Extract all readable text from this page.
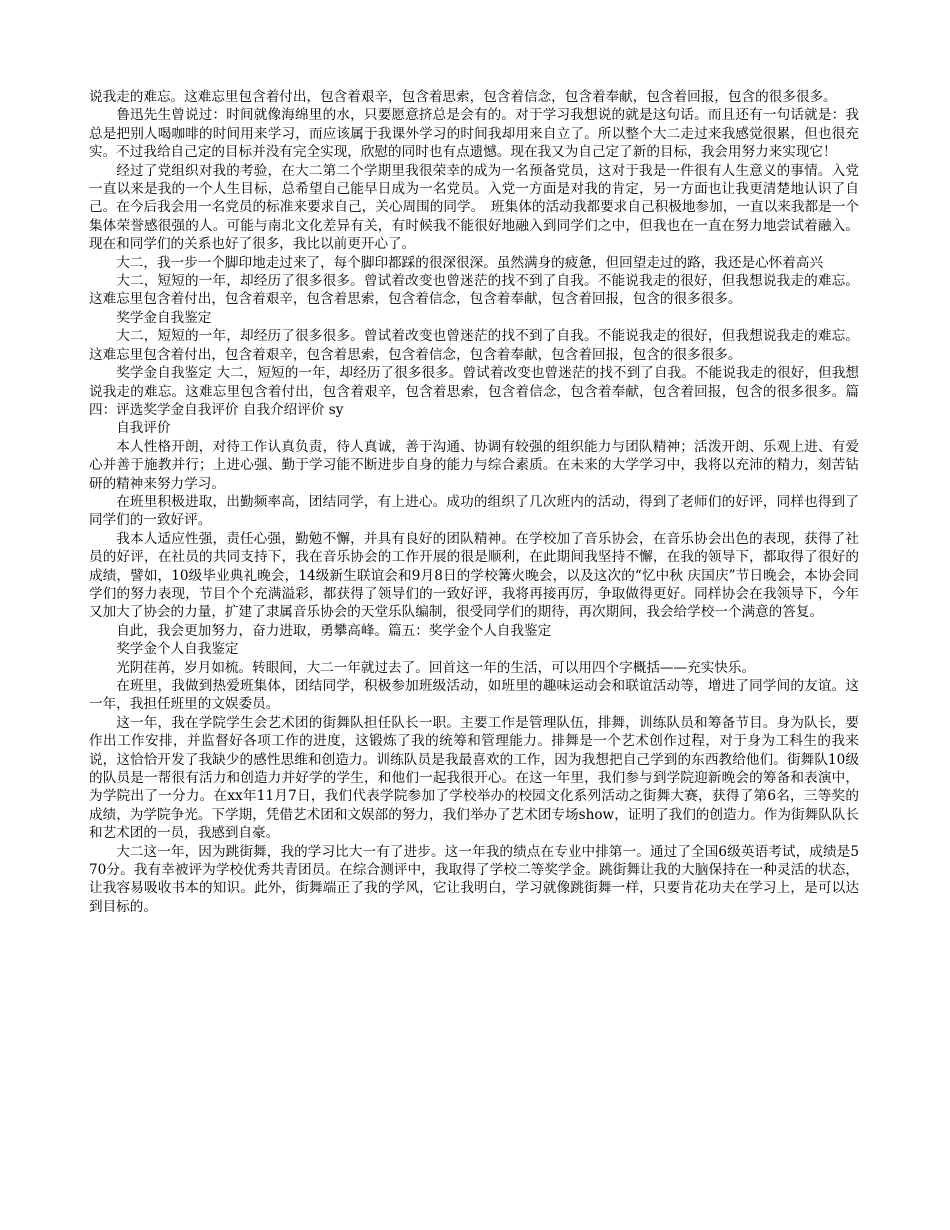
说我走的难忘。这难忘里包含着付出，包含着艰辛，包含着思索，包含着信念，包含着奉献，包含着回报，包含的很多很多。

鲁迅先生曾说过：时间就像海绵里的水，只要愿意挤总是会有的。对于学习我想说的就是这句话。而且还有一句话就是：我总是把别人喝咖啡的时间用来学习，而应该属于我课外学习的时间我却用来自立了。所以整个大二走过来我感觉很累，但也很充实。不过我给自己定的目标并没有完全实现，欣慰的同时也有点遗憾。现在我又为自己定了新的目标，我会用努力来实现它！

经过了党组织对我的考验，在大二第二个学期里我很荣幸的成为一名预备党员，这对于我是一件很有人生意义的事情。入党一直以来是我的一个人生目标，总希望自己能早日成为一名党员。入党一方面是对我的肯定，另一方面也让我更清楚地认识了自己。在今后我会用一名党员的标准来要求自己，关心周围的同学。　班集体的活动我都要求自己积极地参加，一直以来我都是一个集体荣誉感很强的人。可能与南北文化差异有关，有时候我不能很好地融入到同学们之中，但我也在一直在努力地尝试着融入。现在和同学们的关系也好了很多，我比以前更开心了。

大二，我一步一个脚印地走过来了，每个脚印都踩的很深很深。虽然满身的疲惫，但回望走过的路，我还是心怀着高兴

大二，短短的一年，却经历了很多很多。曾试着改变也曾迷茫的找不到了自我。不能说我走的很好，但我想说我走的难忘。这难忘里包含着付出，包含着艰辛，包含着思索，包含着信念，包含着奉献，包含着回报，包含的很多很多。

奖学金自我鉴定

大二，短短的一年，却经历了很多很多。曾试着改变也曾迷茫的找不到了自我。不能说我走的很好，但我想说我走的难忘。这难忘里包含着付出，包含着艰辛，包含着思索，包含着信念，包含着奉献，包含着回报，包含的很多很多。

奖学金自我鉴定 大二，短短的一年，却经历了很多很多。曾试着改变也曾迷茫的找不到了自我。不能说我走的很好，但我想说我走的难忘。这难忘里包含着付出，包含着艰辛，包含着思索，包含着信念，包含着奉献，包含着回报，包含的很多很多。篇四：评选奖学金自我评价 自我介绍评价 sy

自我评价

本人性格开朗，对待工作认真负责，待人真诚，善于沟通、协调有较强的组织能力与团队精神；活泼开朗、乐观上进、有爱心并善于施教并行；上进心强、勤于学习能不断进步自身的能力与综合素质。在未来的大学学习中，我将以充沛的精力，刻苦钻研的精神来努力学习。

在班里积极进取，出勤频率高，团结同学，有上进心。成功的组织了几次班内的活动，得到了老师们的好评，同样也得到了同学们的一致好评。

我本人适应性强，责任心强，勤勉不懈，并具有良好的团队精神。在学校加了音乐协会，在音乐协会出色的表现，获得了社员的好评，在社员的共同支持下，我在音乐协会的工作开展的很是顺利，在此期间我坚持不懈，在我的领导下，都取得了很好的成绩，譬如，10级毕业典礼晚会，14级新生联谊会和9月8日的学校篝火晚会，以及这次的“忆中秋 庆国庆”节日晚会，本协会同学们的努力表现，节目个个充满溢彩，都获得了领导们的一致好评，我将再接再厉，争取做得更好。同样协会在我领导下，今年又加大了协会的力量，扩建了隶属音乐协会的天堂乐队编制，很受同学们的期待，再次期间，我会给学校一个满意的答复。

自此，我会更加努力，奋力进取，勇攀高峰。篇五：奖学金个人自我鉴定

奖学金个人自我鉴定

光阴荏苒，岁月如梳。转眼间，大二一年就过去了。回首这一年的生活，可以用四个字概括——充实快乐。

在班里，我做到热爱班集体，团结同学，积极参加班级活动，如班里的趣味运动会和联谊活动等，增进了同学间的友谊。这一年，我担任班里的文娱委员。

这一年，我在学院学生会艺术团的街舞队担任队长一职。主要工作是管理队伍，排舞，训练队员和筹备节目。身为队长，要作出工作安排，并监督好各项工作的进度，这锻炼了我的统筹和管理能力。排舞是一个艺术创作过程，对于身为工科生的我来说，这恰恰开发了我缺少的感性思维和创造力。训练队员是我最喜欢的工作，因为我想把自己学到的东西教给他们。街舞队10级的队员是一帮很有活力和创造力并好学的学生，和他们一起我很开心。在这一年里，我们参与到学院迎新晚会的筹备和表演中，为学院出了一分力。在xx年11月7日，我们代表学院参加了学校举办的校园文化系列活动之街舞大赛，获得了第6名，三等奖的成绩，为学院争光。下学期，凭借艺术团和文娱部的努力，我们举办了艺术团专场show，证明了我们的创造力。作为街舞队队长和艺术团的一员，我感到自豪。

大二这一年，因为跳街舞，我的学习比大一有了进步。这一年我的绩点在专业中排第一。通过了全国6级英语考试，成绩是570分。我有幸被评为学校优秀共青团员。在综合测评中，我取得了学校二等奖学金。跳街舞让我的大脑保持在一种灵活的状态，让我容易吸收书本的知识。此外，街舞端正了我的学风，它让我明白，学习就像跳街舞一样，只要肯花功夫在学习上，是可以达到目标的。
